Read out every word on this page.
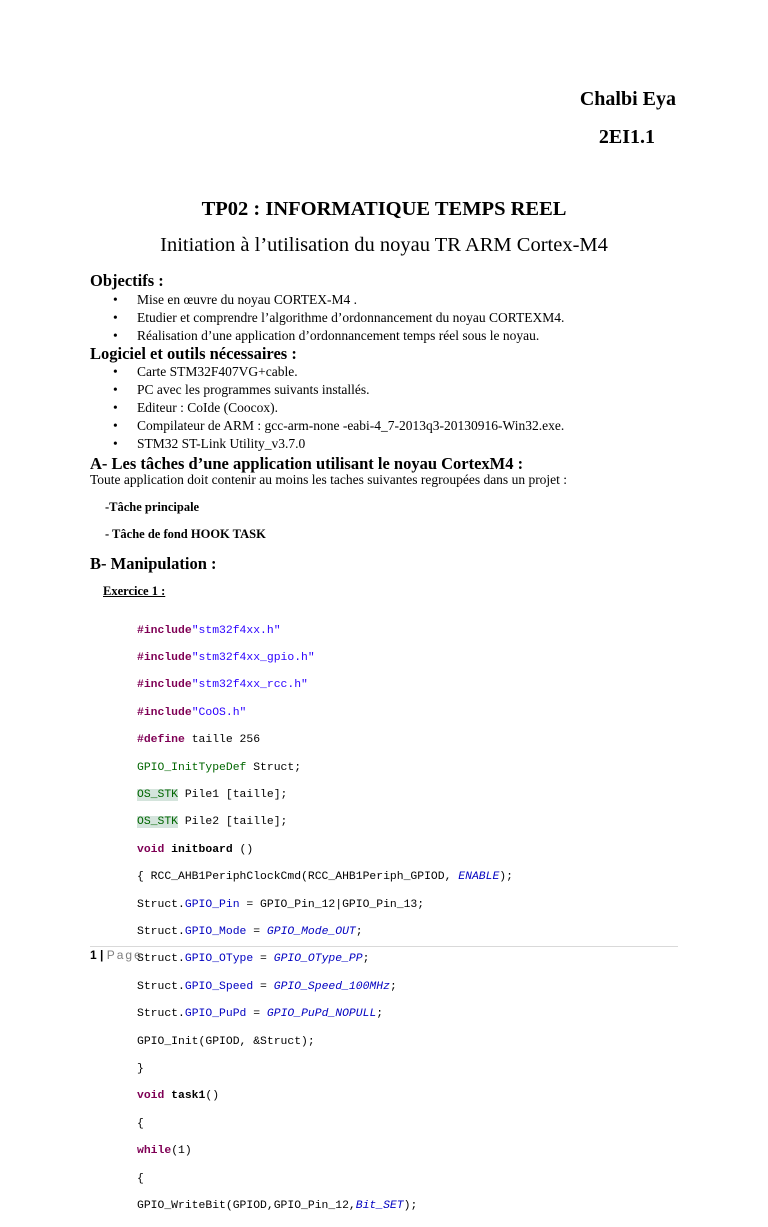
Chalbi Eya
2EI1.1
TP02 : INFORMATIQUE TEMPS REEL
Initiation à l’utilisation du noyau TR ARM Cortex-M4
Objectifs :
• Mise en œuvre du noyau CORTEX-M4 .
• Etudier et comprendre l’algorithme d’ordonnancement du noyau CORTEXM4.
• Réalisation d’une application d’ordonnancement temps réel sous le noyau.
Logiciel et outils nécessaires :
• Carte STM32F407VG+cable.
• PC avec les programmes suivants installés.
• Editeur : CoIde (Coocox).
• Compilateur de ARM : gcc-arm-none -eabi-4_7-2013q3-20130916-Win32.exe.
• STM32 ST-Link Utility_v3.7.0
A- Les tâches d’une application utilisant le noyau CortexM4 :
Toute application doit contenir au moins les taches suivantes regroupées dans un projet :
-Tâche principale
- Tâche de fond HOOK TASK
B- Manipulation :
Exercice 1 :

#include"stm32f4xx.h"

#include"stm32f4xx_gpio.h"

#include"stm32f4xx_rcc.h"

#include"CoOS.h"

#define taille 256

GPIO_InitTypeDef Struct;

OS_STK Pile1 [taille];

OS_STK Pile2 [taille];

void initboard ()

{ RCC_AHB1PeriphClockCmd(RCC_AHB1Periph_GPIOD, ENABLE);

Struct.GPIO_Pin = GPIO_Pin_12|GPIO_Pin_13;

Struct.GPIO_Mode = GPIO_Mode_OUT;

Struct.GPIO_OType = GPIO_OType_PP;

Struct.GPIO_Speed = GPIO_Speed_100MHz;

Struct.GPIO_PuPd = GPIO_PuPd_NOPULL;

GPIO_Init(GPIOD, &Struct);

}

void task1()

{

while(1)

{

GPIO_WriteBit(GPIOD,GPIO_Pin_12,Bit_SET);

1 | Page
